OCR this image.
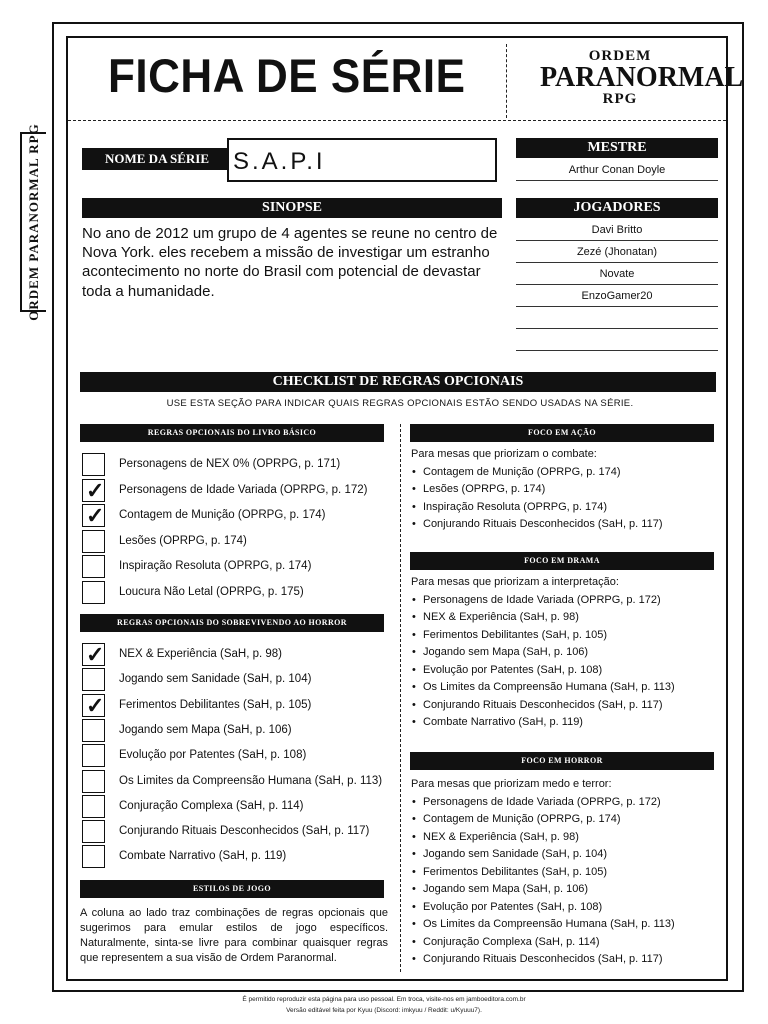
ORDEM PARANORMAL RPG
FICHA DE SÉRIE	ORDEM
PARANORMAL
RPG
NOME DA SÉRIE S.A.P.I
SINOPSE
No ano de 2012 um grupo de 4 agentes se reune no centro de Nova York. eles recebem a missão de investigar um estranho acontecimento no norte do Brasil com potencial de devastar toda a humanidade.
MESTRE
Arthur Conan Doyle
JOGADORES
Davi Britto
Zezé (Jhonatan)
Novate
EnzoGamer20
CHECKLIST DE REGRAS OPCIONAIS
USE ESTA SEÇÃO PARA INDICAR QUAIS REGRAS OPCIONAIS ESTÃO SENDO USADAS NA SÉRIE.
REGRAS OPCIONAIS DO LIVRO BÁSICO
Personagens de NEX 0% (OPRPG, p. 171)
✓ Personagens de Idade Variada (OPRPG, p. 172)
✓ Contagem de Munição (OPRPG, p. 174)
Lesões (OPRPG, p. 174)
Inspiração Resoluta (OPRPG, p. 174)
Loucura Não Letal (OPRPG, p. 175)
REGRAS OPCIONAIS DO SOBREVIVENDO AO HORROR
✓ NEX & Experiência (SaH, p. 98)
Jogando sem Sanidade (SaH, p. 104)
✓ Ferimentos Debilitantes (SaH, p. 105)
Jogando sem Mapa (SaH, p. 106)
Evolução por Patentes (SaH, p. 108)
Os Limites da Compreensão Humana (SaH, p. 113)
Conjuração Complexa (SaH, p. 114)
Conjurando Rituais Desconhecidos (SaH, p. 117)
Combate Narrativo (SaH, p. 119)
ESTILOS DE JOGO
A coluna ao lado traz combinações de regras opcionais que sugerimos para emular estilos de jogo específicos. Naturalmente, sinta-se livre para combinar quaisquer regras que representem a sua visão de Ordem Paranormal.
FOCO EM AÇÃO
Para mesas que priorizam o combate:
• Contagem de Munição (OPRPG, p. 174)
• Lesões (OPRPG, p. 174)
• Inspiração Resoluta (OPRPG, p. 174)
• Conjurando Rituais Desconhecidos (SaH, p. 117)
FOCO EM DRAMA
Para mesas que priorizam a interpretação:
• Personagens de Idade Variada (OPRPG, p. 172)
• NEX & Experiência (SaH, p. 98)
• Ferimentos Debilitantes (SaH, p. 105)
• Jogando sem Mapa (SaH, p. 106)
• Evolução por Patentes (SaH, p. 108)
• Os Limites da Compreensão Humana (SaH, p. 113)
• Conjurando Rituais Desconhecidos (SaH, p. 117)
• Combate Narrativo (SaH, p. 119)
FOCO EM HORROR
Para mesas que priorizam medo e terror:
• Personagens de Idade Variada (OPRPG, p. 172)
• Contagem de Munição (OPRPG, p. 174)
• NEX & Experiência (SaH, p. 98)
• Jogando sem Sanidade (SaH, p. 104)
• Ferimentos Debilitantes (SaH, p. 105)
• Jogando sem Mapa (SaH, p. 106)
• Evolução por Patentes (SaH, p. 108)
• Os Limites da Compreensão Humana (SaH, p. 113)
• Conjuração Complexa (SaH, p. 114)
• Conjurando Rituais Desconhecidos (SaH, p. 117)
É permitido reproduzir esta página para uso pessoal. Em troca, visite-nos em jamboeditora.com.br
Versão editável feita por Kyuu (Discord: imkyuu / Reddit: u/Kyuuu7).
